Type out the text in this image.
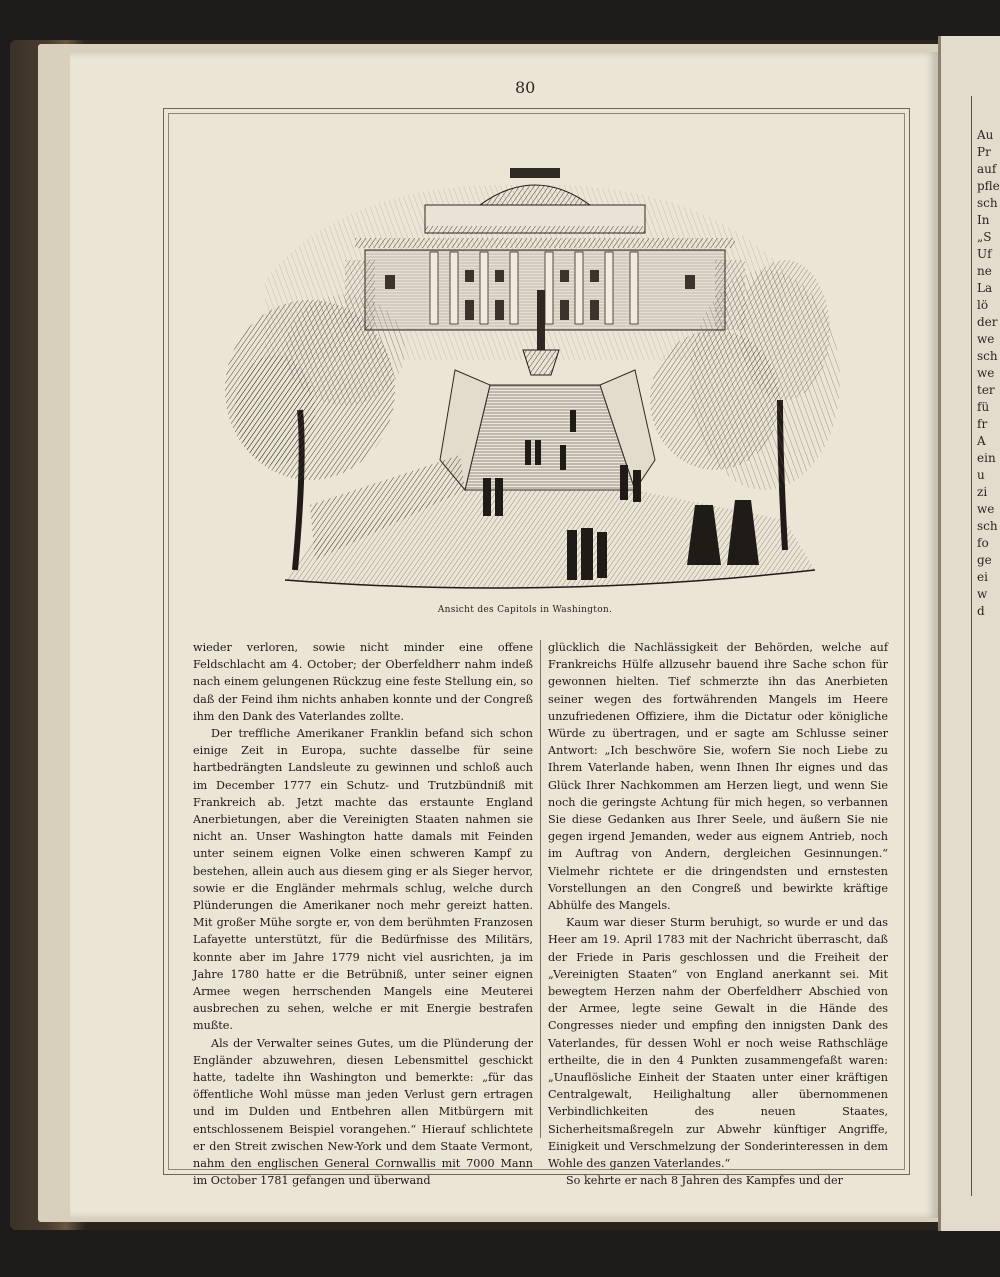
Au
Pr
auf
pfle
sch
In
„S
Uf
ne
La
lö
der
we
sch
we
ter
fü
fr
A
ein
u
zi
we
sch
fo
ge
ei
w
d
80
Ansicht des Capitols in Washington.

wieder verloren, sowie nicht minder eine offene Feldschlacht am 4. October; der Oberfeldherr nahm indeß nach einem gelungenen Rückzug eine feste Stellung ein, so daß der Feind ihm nichts anhaben konnte und der Congreß ihm den Dank des Vaterlandes zollte.

Der treffliche Amerikaner Franklin befand sich schon einige Zeit in Europa, suchte dasselbe für seine hartbedrängten Landsleute zu gewinnen und schloß auch im December 1777 ein Schutz- und Trutzbündniß mit Frankreich ab. Jetzt machte das erstaunte England Anerbietungen, aber die Vereinigten Staaten nahmen sie nicht an. Unser Washington hatte damals mit Feinden unter seinem eignen Volke einen schweren Kampf zu bestehen, allein auch aus diesem ging er als Sieger hervor, sowie er die Engländer mehrmals schlug, welche durch Plünderungen die Amerikaner noch mehr gereizt hatten. Mit großer Mühe sorgte er, von dem berühmten Franzosen Lafayette unterstützt, für die Bedürfnisse des Militärs, konnte aber im Jahre 1779 nicht viel ausrichten, ja im Jahre 1780 hatte er die Betrübniß, unter seiner eignen Armee wegen herrschenden Mangels eine Meuterei ausbrechen zu sehen, welche er mit Energie bestrafen mußte.

Als der Verwalter seines Gutes, um die Plünderung der Engländer abzuwehren, diesen Lebensmittel geschickt hatte, tadelte ihn Washington und bemerkte: „für das öffentliche Wohl müsse man jeden Verlust gern ertragen und im Dulden und Entbehren allen Mitbürgern mit entschlossenem Beispiel vorangehen.“ Hierauf schlichtete er den Streit zwischen New-York und dem Staate Vermont, nahm den englischen General Cornwallis mit 7000 Mann im October 1781 gefangen und überwand

glücklich die Nachlässigkeit der Behörden, welche auf Frankreichs Hülfe allzusehr bauend ihre Sache schon für gewonnen hielten. Tief schmerzte ihn das Anerbieten seiner wegen des fortwährenden Mangels im Heere unzufriedenen Offiziere, ihm die Dictatur oder königliche Würde zu übertragen, und er sagte am Schlusse seiner Antwort: „Ich beschwöre Sie, wofern Sie noch Liebe zu Ihrem Vaterlande haben, wenn Ihnen Ihr eignes und das Glück Ihrer Nachkommen am Herzen liegt, und wenn Sie noch die geringste Achtung für mich hegen, so verbannen Sie diese Gedanken aus Ihrer Seele, und äußern Sie nie gegen irgend Jemanden, weder aus eignem Antrieb, noch im Auftrag von Andern, dergleichen Gesinnungen.“ Vielmehr richtete er die dringendsten und ernstesten Vorstellungen an den Congreß und bewirkte kräftige Abhülfe des Mangels.

Kaum war dieser Sturm beruhigt, so wurde er und das Heer am 19. April 1783 mit der Nachricht überrascht, daß der Friede in Paris geschlossen und die Freiheit der „Vereinigten Staaten“ von England anerkannt sei. Mit bewegtem Herzen nahm der Oberfeldherr Abschied von der Armee, legte seine Gewalt in die Hände des Congresses nieder und empfing den innigsten Dank des Vaterlandes, für dessen Wohl er noch weise Rathschläge ertheilte, die in den 4 Punkten zusammengefaßt waren: „Unauflösliche Einheit der Staaten unter einer kräftigen Centralgewalt, Heilighaltung aller übernommenen Verbindlichkeiten des neuen Staates, Sicherheitsmaßregeln zur Abwehr künftiger Angriffe, Einigkeit und Verschmelzung der Sonderinteressen in dem Wohle des ganzen Vaterlandes.“

So kehrte er nach 8 Jahren des Kampfes und der
